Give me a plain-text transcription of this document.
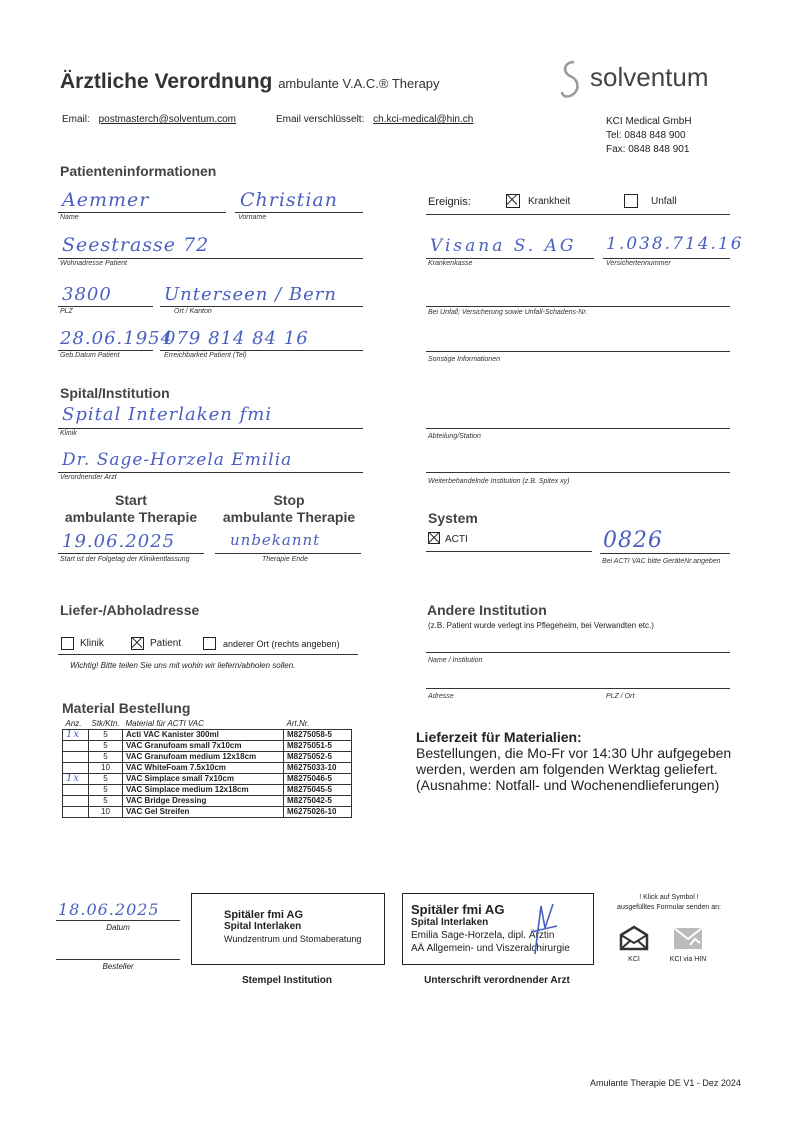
Ärztliche Verordnung ambulante V.A.C.® Therapy	solventum
Email: postmasterch@solventum.com	Email verschlüsselt: ch.kci-medical@hin.ch	KCI Medical GmbH
Tel: 0848 848 900
Fax: 0848 848 901
Patienteninformationen
Aemmer
Name
Christian
Vorname
Seestrasse 72
Wohnadresse Patient
3800
PLZ
Unterseen / Bern
Ort / Kanton
28.06.1954
Geb.Datum Patient
079 814 84 16
Erreichbarkeit Patient (Tel)
Ereignis:	Krankheit	Unfall
Visana S. AG
Krankenkasse
1.038.714.16
Versichertennummer
Bei Unfall; Versicherung sowie Unfall-Schadens-Nr.
Sonstige Informationen
Spital/Institution
Spital Interlaken fmi
Klinik
Dr. Sage-Horzela Emilia
Verordnender Arzt
Abteilung/Station
Weiterbehandelnde Institution (z.B. Spitex xy)
Start
ambulante Therapie
Stop
ambulante Therapie
19.06.2025
Start ist der Folgetag der Klinikentlassung
unbekannt
Therapie Ende
System
ACTI	0826
Bei ACTI VAC bitte GeräteNr.angeben
Liefer-/Abholadresse
Klinik	Patient	anderer Ort (rechts angeben)
Wichtig! Bitte teilen Sie uns mit wohin wir liefern/abholen sollen.
Andere Institution
(z.B. Patient wurde verlegt ins Pflegeheim, bei Verwandten etc.)
Name / Institution
Adresse	PLZ / Ort
Material Bestellung
Anz.	Stk/Ktn.	Material für ACTI VAC	Art.Nr.
1x	5	Acti VAC Kanister 300ml	M8275058-5
	5	VAC Granufoam small 7x10cm	M8275051-5
	5	VAC Granufoam medium 12x18cm	M8275052-5
	10	VAC WhiteFoam 7.5x10cm	M6275033-10
1x	5	VAC Simplace small 7x10cm	M8275046-5
	5	VAC Simplace medium 12x18cm	M8275045-5
	5	VAC Bridge Dressing	M8275042-5
	10	VAC Gel Streifen	M6275026-10
Lieferzeit für Materialien:
Bestellungen, die Mo-Fr vor 14:30 Uhr aufgegeben
werden, werden am folgenden Werktag geliefert.
(Ausnahme: Notfall- und Wochenendlieferungen)
18.06.2025
Datum
Besteller
Spitäler fmi AG
Spital Interlaken
Wundzentrum und Stomaberatung
Stempel Institution
Spitäler fmi AG
Spital Interlaken
Emilia Sage-Horzela, dipl. Ärztin
AÄ Allgemein- und Viszeralchirurgie
Unterschrift verordnender Arzt
! Klick auf Symbol !
ausgefülltes Formular senden an:
KCI	KCI via HIN
Amulante Therapie DE V1 - Dez 2024
